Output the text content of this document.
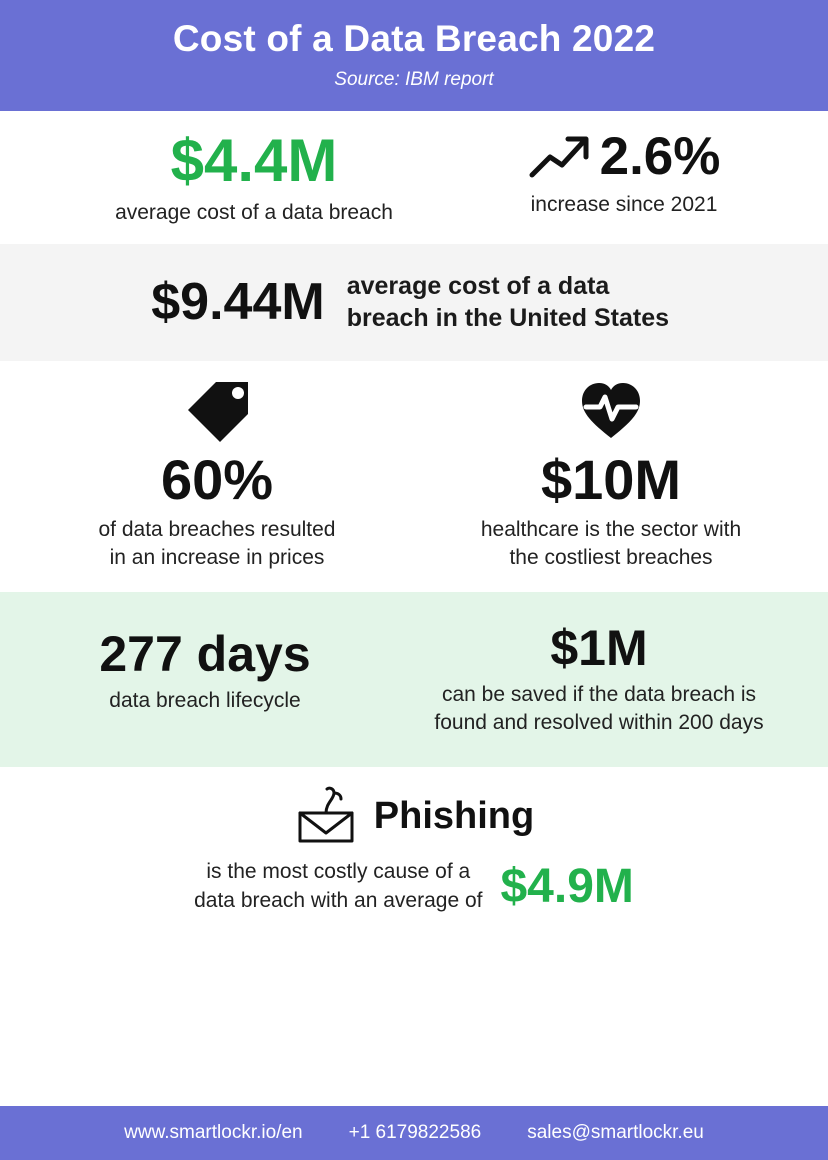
Cost of a Data Breach 2022
Source: IBM report
$4.4M
average cost of a data breach
2.6%
increase since 2021
$9.44M average cost of a data breach in the United States
60%
of data breaches resulted
in an increase in prices
$10M
healthcare is the sector with
the costliest breaches
277 days
data breach lifecycle
$1M
can be saved if the data breach is
found and resolved within 200 days
Phishing
is the most costly cause of a
data breach with an average of $4.9M
www.smartlockr.io/en +1 6179822586 sales@smartlockr.eu
